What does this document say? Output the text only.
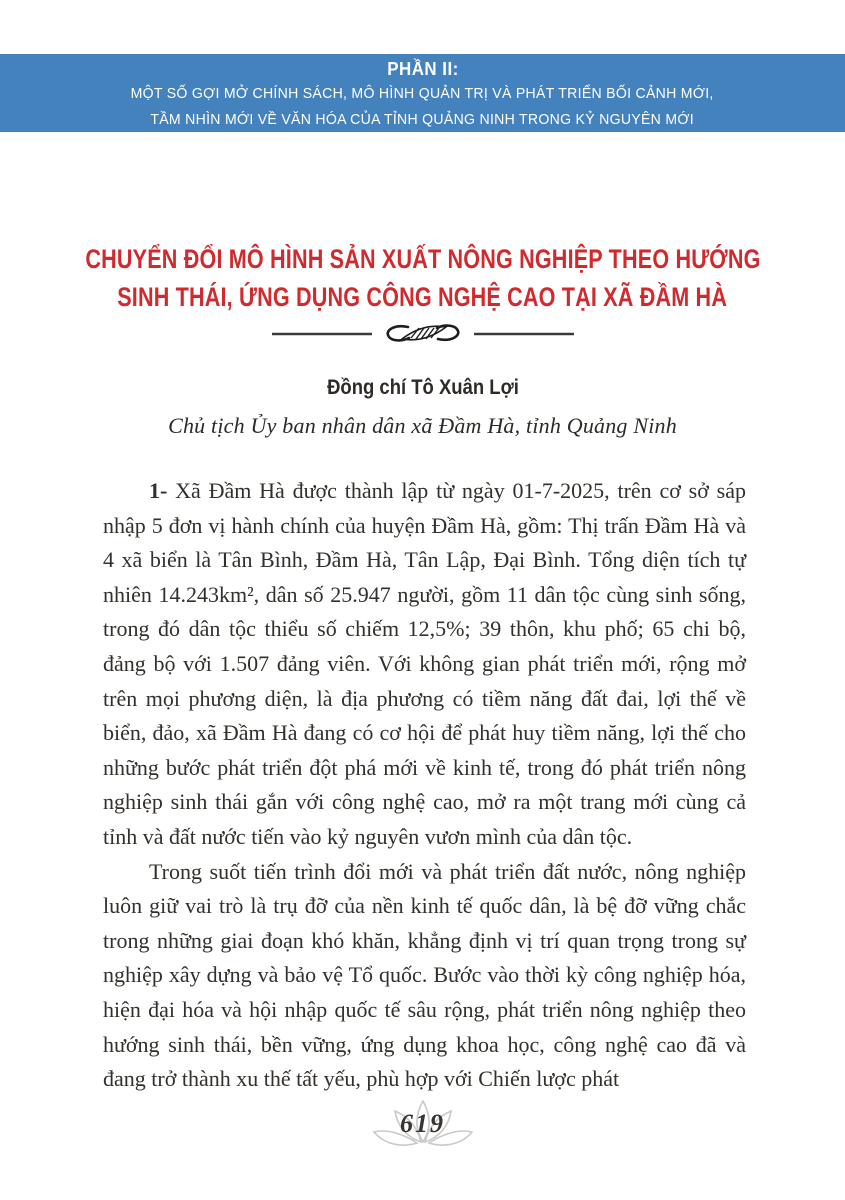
PHẦN II:
MỘT SỐ GỢI MỞ CHÍNH SÁCH, MÔ HÌNH QUẢN TRỊ VÀ PHÁT TRIỂN BỐI CẢNH MỚI,
TẦM NHÌN MỚI VỀ VĂN HÓA CỦA TỈNH QUẢNG NINH TRONG KỶ NGUYÊN MỚI
CHUYỂN ĐỔI MÔ HÌNH SẢN XUẤT NÔNG NGHIỆP THEO HƯỚNG
SINH THÁI, ỨNG DỤNG CÔNG NGHỆ CAO TẠI XÃ ĐẦM HÀ
Đồng chí Tô Xuân Lợi
Chủ tịch Ủy ban nhân dân xã Đầm Hà, tỉnh Quảng Ninh

1- Xã Đầm Hà được thành lập từ ngày 01-7-2025, trên cơ sở sáp nhập 5 đơn vị hành chính của huyện Đầm Hà, gồm: Thị trấn Đầm Hà và 4 xã biển là Tân Bình, Đầm Hà, Tân Lập, Đại Bình. Tổng diện tích tự nhiên 14.243km², dân số 25.947 người, gồm 11 dân tộc cùng sinh sống, trong đó dân tộc thiểu số chiếm 12,5%; 39 thôn, khu phố; 65 chi bộ, đảng bộ với 1.507 đảng viên. Với không gian phát triển mới, rộng mở trên mọi phương diện, là địa phương có tiềm năng đất đai, lợi thế về biển, đảo, xã Đầm Hà đang có cơ hội để phát huy tiềm năng, lợi thế cho những bước phát triển đột phá mới về kinh tế, trong đó phát triển nông nghiệp sinh thái gắn với công nghệ cao, mở ra một trang mới cùng cả tỉnh và đất nước tiến vào kỷ nguyên vươn mình của dân tộc.

Trong suốt tiến trình đổi mới và phát triển đất nước, nông nghiệp luôn giữ vai trò là trụ đỡ của nền kinh tế quốc dân, là bệ đỡ vững chắc trong những giai đoạn khó khăn, khẳng định vị trí quan trọng trong sự nghiệp xây dựng và bảo vệ Tổ quốc. Bước vào thời kỳ công nghiệp hóa, hiện đại hóa và hội nhập quốc tế sâu rộng, phát triển nông nghiệp theo hướng sinh thái, bền vững, ứng dụng khoa học, công nghệ cao đã và đang trở thành xu thế tất yếu, phù hợp với Chiến lược phát

619
